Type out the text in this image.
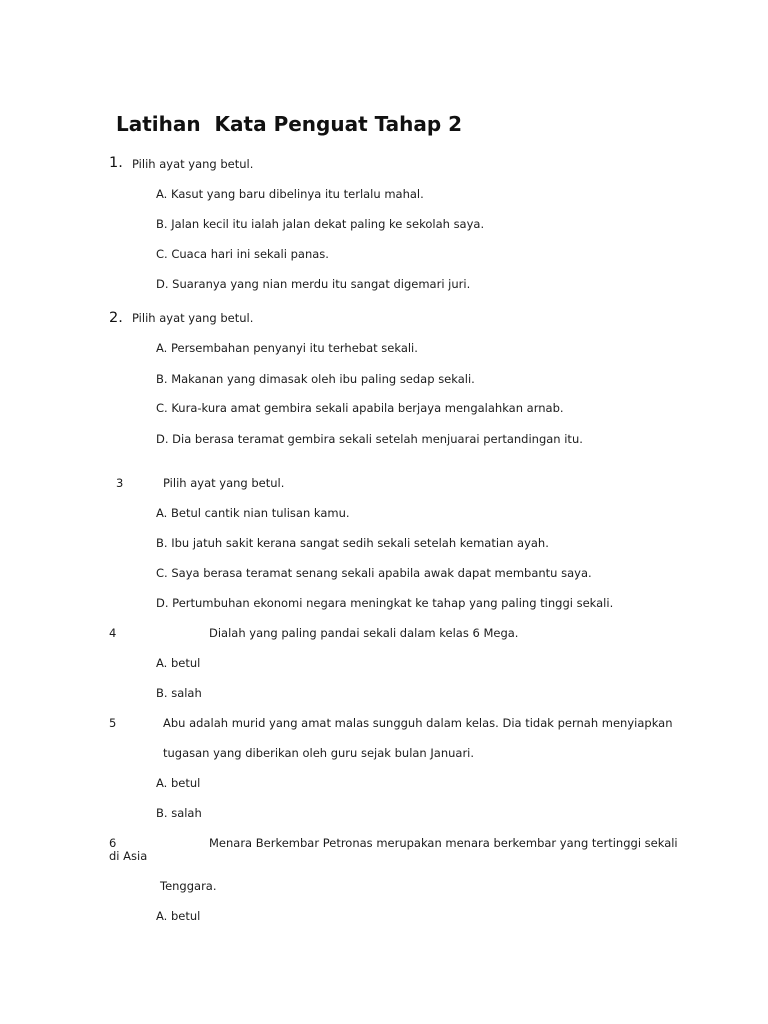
Latihan  Kata Penguat Tahap 2
1. Pilih ayat yang betul.
A. Kasut yang baru dibelinya itu terlalu mahal.
B. Jalan kecil itu ialah jalan dekat paling ke sekolah saya.
C. Cuaca hari ini sekali panas.
D. Suaranya yang nian merdu itu sangat digemari juri.
2. Pilih ayat yang betul.
A. Persembahan penyanyi itu terhebat sekali.
B. Makanan yang dimasak oleh ibu paling sedap sekali.
C. Kura-kura amat gembira sekali apabila berjaya mengalahkan arnab.
D. Dia berasa teramat gembira sekali setelah menjuarai pertandingan itu.
3	Pilih ayat yang betul.
A. Betul cantik nian tulisan kamu.
B. Ibu jatuh sakit kerana sangat sedih sekali setelah kematian ayah.
C. Saya berasa teramat senang sekali apabila awak dapat membantu saya.
D. Pertumbuhan ekonomi negara meningkat ke tahap yang paling tinggi sekali.
4	Dialah yang paling pandai sekali dalam kelas 6 Mega.
A. betul
B. salah
5	Abu adalah murid yang amat malas sungguh dalam kelas. Dia tidak pernah menyiapkan
tugasan yang diberikan oleh guru sejak bulan Januari.
A. betul
B. salah
6	Menara Berkembar Petronas merupakan menara berkembar yang tertinggi sekali
di Asia
Tenggara.
A. betul
